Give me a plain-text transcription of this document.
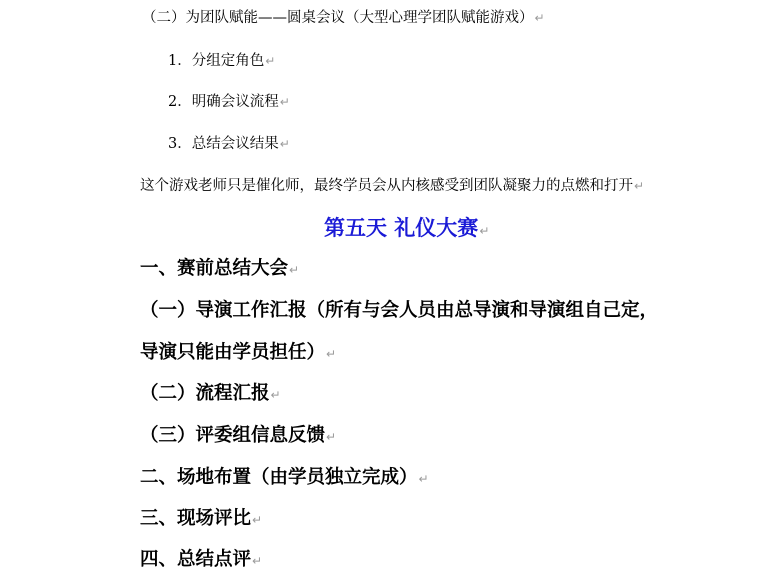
（二）为团队赋能——圆桌会议（大型心理学团队赋能游戏）↵
1．分组定角色↵
2．明确会议流程↵
3．总结会议结果↵
这个游戏老师只是催化师，最终学员会从内核感受到团队凝聚力的点燃和打开↵
第五天 礼仪大赛↵
一、赛前总结大会↵
（一）导演工作汇报（所有与会人员由总导演和导演组自己定，
导演只能由学员担任）↵
（二）流程汇报↵
（三）评委组信息反馈↵
二、场地布置（由学员独立完成）↵
三、现场评比↵
四、总结点评↵
